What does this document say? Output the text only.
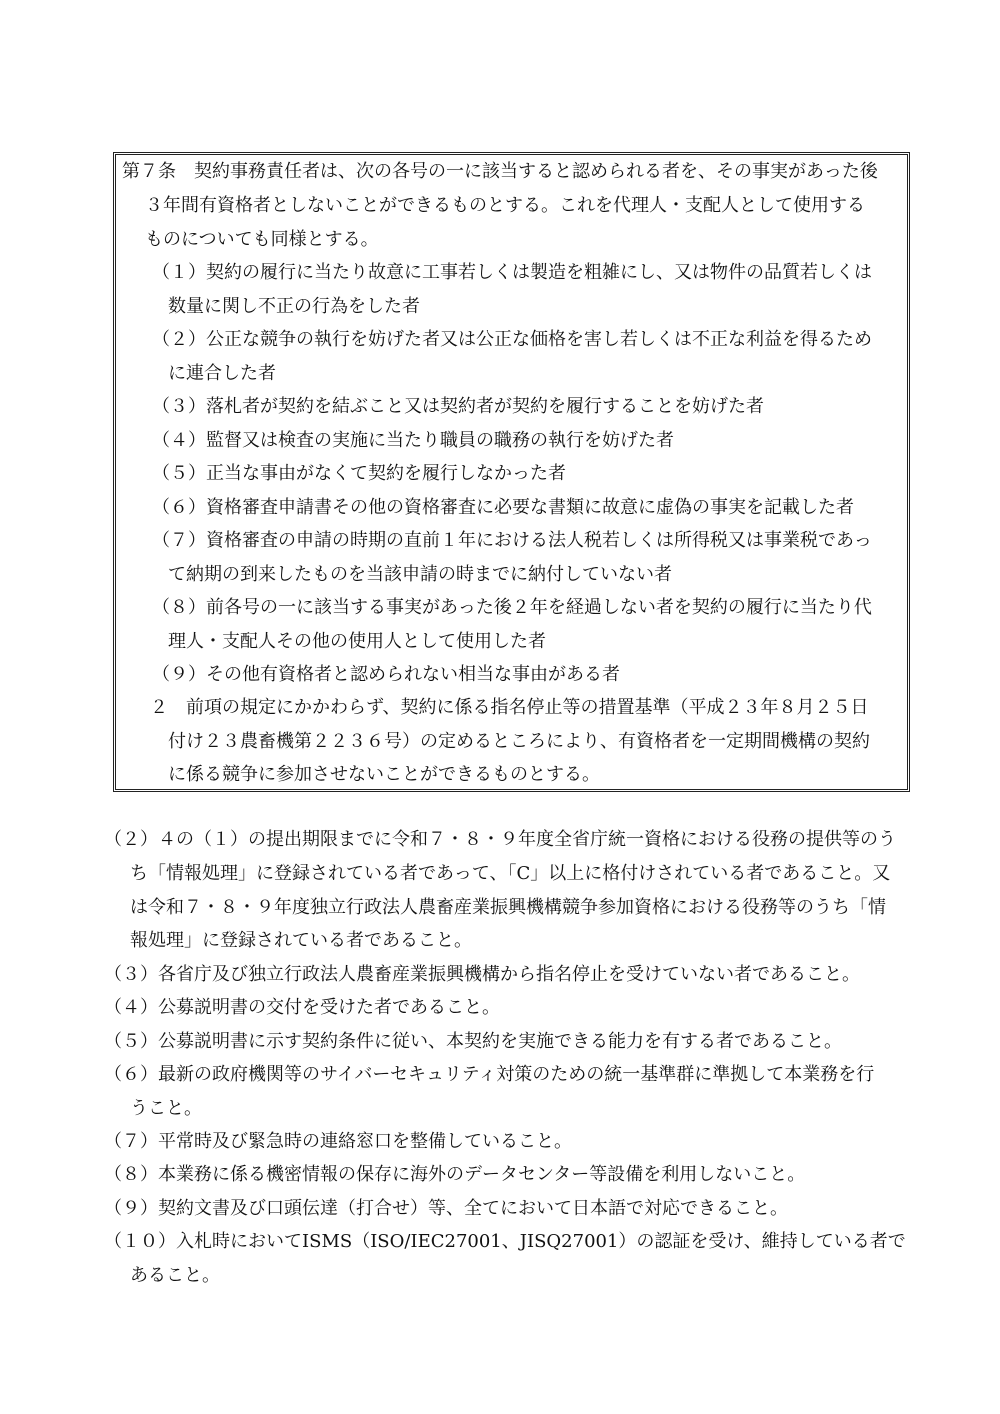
第７条　契約事務責任者は、次の各号の一に該当すると認められる者を、その事実があった後
３年間有資格者としないことができるものとする。これを代理人・支配人として使用する
ものについても同様とする。
（１）契約の履行に当たり故意に工事若しくは製造を粗雑にし、又は物件の品質若しくは
数量に関し不正の行為をした者
（２）公正な競争の執行を妨げた者又は公正な価格を害し若しくは不正な利益を得るため
に連合した者
（３）落札者が契約を結ぶこと又は契約者が契約を履行することを妨げた者
（４）監督又は検査の実施に当たり職員の職務の執行を妨げた者
（５）正当な事由がなくて契約を履行しなかった者
（６）資格審査申請書その他の資格審査に必要な書類に故意に虚偽の事実を記載した者
（７）資格審査の申請の時期の直前１年における法人税若しくは所得税又は事業税であっ
て納期の到来したものを当該申請の時までに納付していない者
（８）前各号の一に該当する事実があった後２年を経過しない者を契約の履行に当たり代
理人・支配人その他の使用人として使用した者
（９）その他有資格者と認められない相当な事由がある者
２　前項の規定にかかわらず、契約に係る指名停止等の措置基準（平成２３年８月２５日
付け２３農畜機第２２３６号）の定めるところにより、有資格者を一定期間機構の契約
に係る競争に参加させないことができるものとする。
（２）４の（１）の提出期限までに令和７・８・９年度全省庁統一資格における役務の提供等のう
ち「情報処理」に登録されている者であって、「C」以上に格付けされている者であること。又
は令和７・８・９年度独立行政法人農畜産業振興機構競争参加資格における役務等のうち「情
報処理」に登録されている者であること。
（３）各省庁及び独立行政法人農畜産業振興機構から指名停止を受けていない者であること。
（４）公募説明書の交付を受けた者であること。
（５）公募説明書に示す契約条件に従い、本契約を実施できる能力を有する者であること。
（６）最新の政府機関等のサイバーセキュリティ対策のための統一基準群に準拠して本業務を行
うこと。
（７）平常時及び緊急時の連絡窓口を整備していること。
（８）本業務に係る機密情報の保存に海外のデータセンター等設備を利用しないこと。
（９）契約文書及び口頭伝達（打合せ）等、全てにおいて日本語で対応できること。
（１０）入札時においてISMS（ISO/IEC27001、JISQ27001）の認証を受け、維持している者で
あること。
